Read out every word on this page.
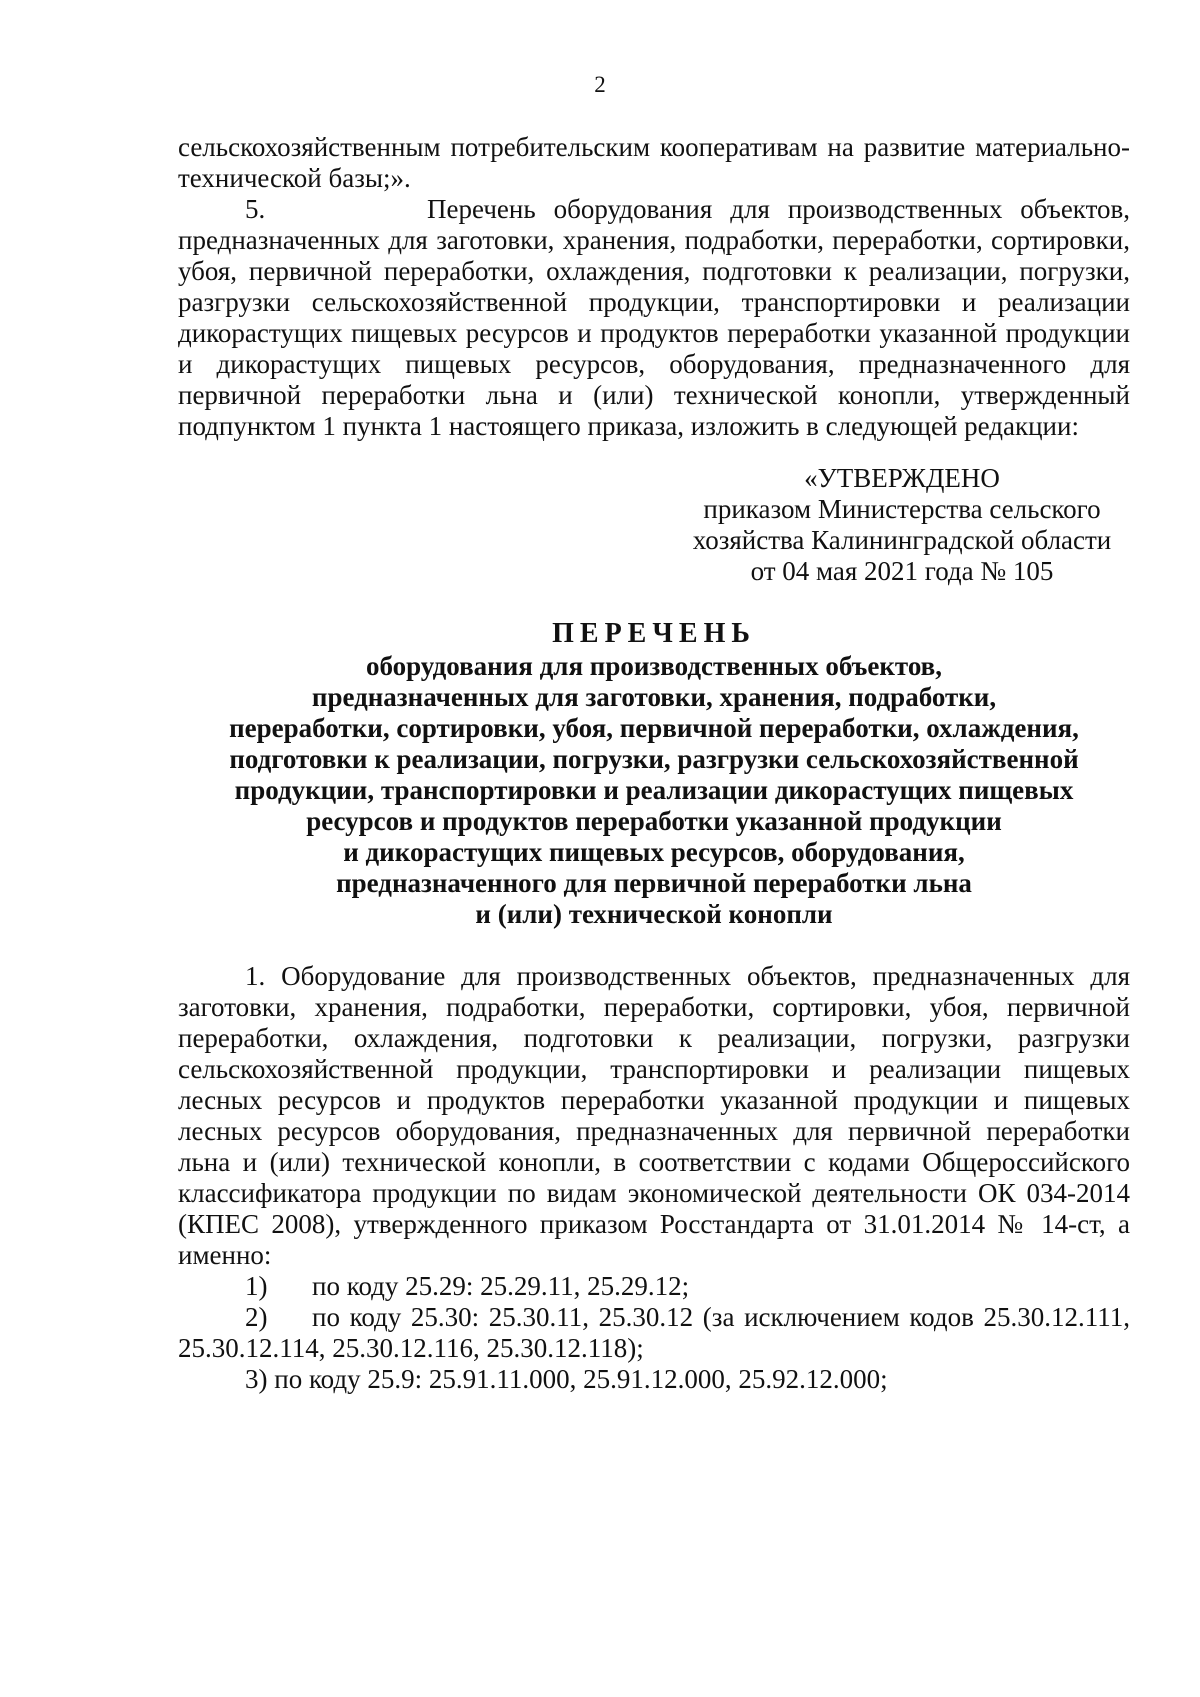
2

сельскохозяйственным потребительским кооперативам на развитие материально-технической базы;».

5.	Перечень оборудования для производственных объектов, предназначенных для заготовки, хранения, подработки, переработки, сортировки, убоя, первичной переработки, охлаждения, подготовки к реализации, погрузки, разгрузки сельскохозяйственной продукции, транспортировки и реализации дикорастущих пищевых ресурсов и продуктов переработки указанной продукции и дикорастущих пищевых ресурсов, оборудования, предназначенного для первичной переработки льна и (или) технической конопли, утвержденный подпунктом 1 пункта 1 настоящего приказа, изложить в следующей редакции:

«УТВЕРЖДЕНО
приказом Министерства сельского
хозяйства Калининградской области
от 04 мая 2021 года № 105
ПЕРЕЧЕНЬ
оборудования для производственных объектов,
предназначенных для заготовки, хранения, подработки,
переработки, сортировки, убоя, первичной переработки, охлаждения,
подготовки к реализации, погрузки, разгрузки сельскохозяйственной
продукции, транспортировки и реализации дикорастущих пищевых
ресурсов и продуктов переработки указанной продукции
и дикорастущих пищевых ресурсов, оборудования,
предназначенного для первичной переработки льна
и (или) технической конопли

1. Оборудование для производственных объектов, предназначенных для заготовки, хранения, подработки, переработки, сортировки, убоя, первичной переработки, охлаждения, подготовки к реализации, погрузки, разгрузки сельскохозяйственной продукции, транспортировки и реализации пищевых лесных ресурсов и продуктов переработки указанной продукции и пищевых лесных ресурсов оборудования, предназначенных для первичной переработки льна и (или) технической конопли, в соответствии с кодами Общероссийского классификатора продукции по видам экономической деятельности ОК 034-2014 (КПЕС 2008), утвержденного приказом Росстандарта от 31.01.2014 № 14-ст, а именно:

1) по коду 25.29: 25.29.11, 25.29.12;

2) по коду 25.30: 25.30.11, 25.30.12 (за исключением кодов 25.30.12.111, 25.30.12.114, 25.30.12.116, 25.30.12.118);

3) по коду 25.9: 25.91.11.000, 25.91.12.000, 25.92.12.000;
